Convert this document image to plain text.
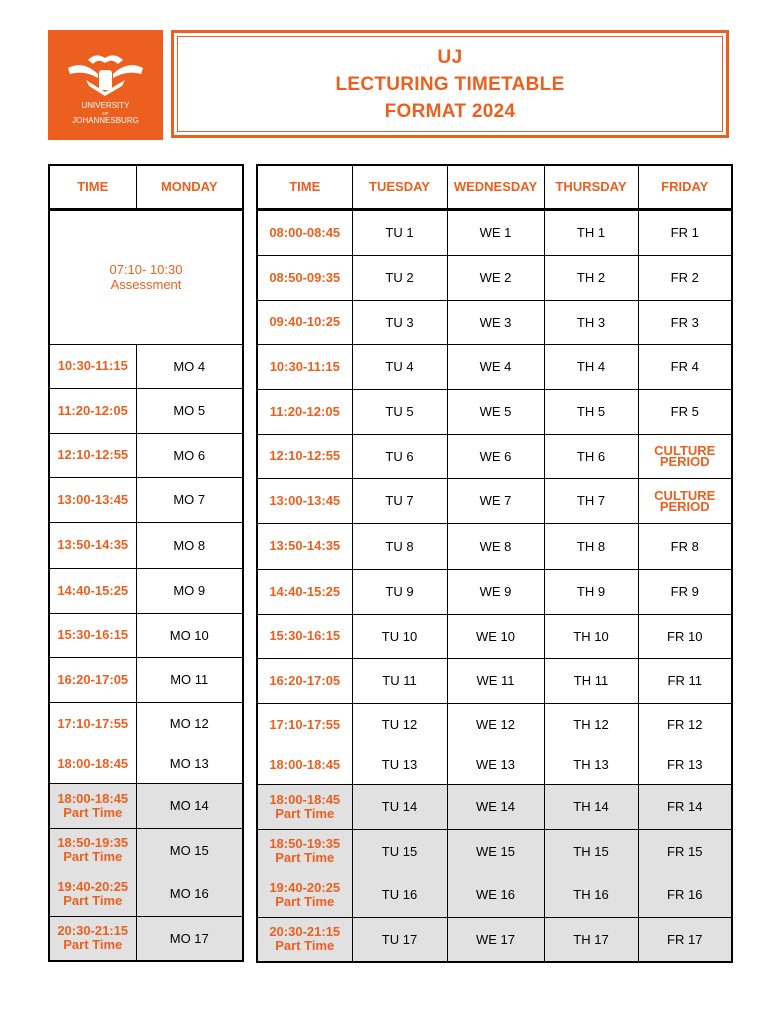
UNIVERSITY
OF
JOHANNESBURG
UJ
LECTURING TIMETABLE
FORMAT 2024
TIME	MONDAY

07:10- 10:30
Assessment	

10:30-11:15	MO 4

11:20-12:05	MO 5

12:10-12:55	MO 6

13:00-13:45	MO 7

13:50-14:35	MO 8

14:40-15:25	MO 9

15:30-16:15	MO 10

16:20-17:05	MO 11

17:10-17:55	MO 12

18:00-18:45	MO 13

18:00-18:45
Part Time	MO 14

18:50-19:35
Part Time	MO 15

19:40-20:25
Part Time	MO 16

20:30-21:15
Part Time	MO 17
TIME	TUESDAY	WEDNESDAY	THURSDAY	FRIDAY

08:00-08:45	TU 1	WE 1	TH 1	FR 1

08:50-09:35	TU 2	WE 2	TH 2	FR 2

09:40-10:25	TU 3	WE 3	TH 3	FR 3

10:30-11:15	TU 4	WE 4	TH 4	FR 4

11:20-12:05	TU 5	WE 5	TH 5	FR 5

12:10-12:55	TU 6	WE 6	TH 6	CULTURE
PERIOD

13:00-13:45	TU 7	WE 7	TH 7	CULTURE
PERIOD

13:50-14:35	TU 8	WE 8	TH 8	FR 8

14:40-15:25	TU 9	WE 9	TH 9	FR 9

15:30-16:15	TU 10	WE 10	TH 10	FR 10

16:20-17:05	TU 11	WE 11	TH 11	FR 11

17:10-17:55	TU 12	WE 12	TH 12	FR 12

18:00-18:45	TU 13	WE 13	TH 13	FR 13

18:00-18:45
Part Time	TU 14	WE 14	TH 14	FR 14

18:50-19:35
Part Time	TU 15	WE 15	TH 15	FR 15

19:40-20:25
Part Time	TU 16	WE 16	TH 16	FR 16

20:30-21:15
Part Time	TU 17	WE 17	TH 17	FR 17
